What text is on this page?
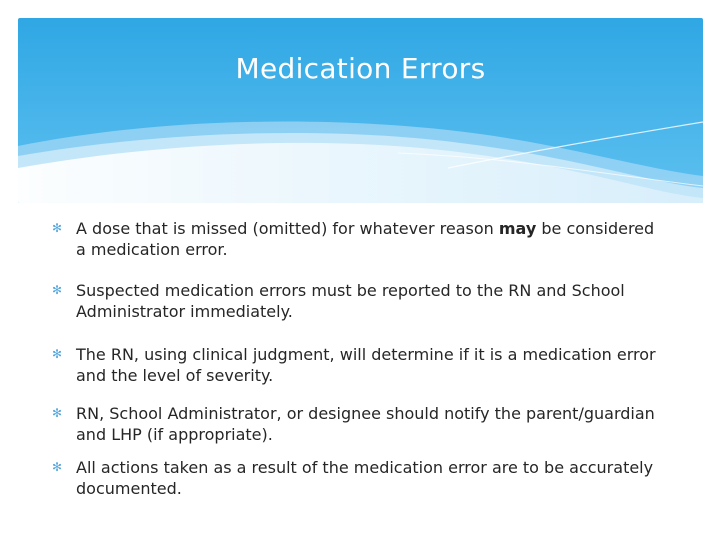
Medication Errors
✻ A dose that is missed (omitted) for whatever reason may be considered a medication error.
✻ Suspected medication errors must be reported to the RN and School Administrator immediately.
✻ The RN, using clinical judgment, will determine if it is a medication error and the level of severity.
✻ RN, School Administrator, or designee should notify the parent/guardian and LHP (if appropriate).
✻ All actions taken as a result of the medication error are to be accurately documented.
